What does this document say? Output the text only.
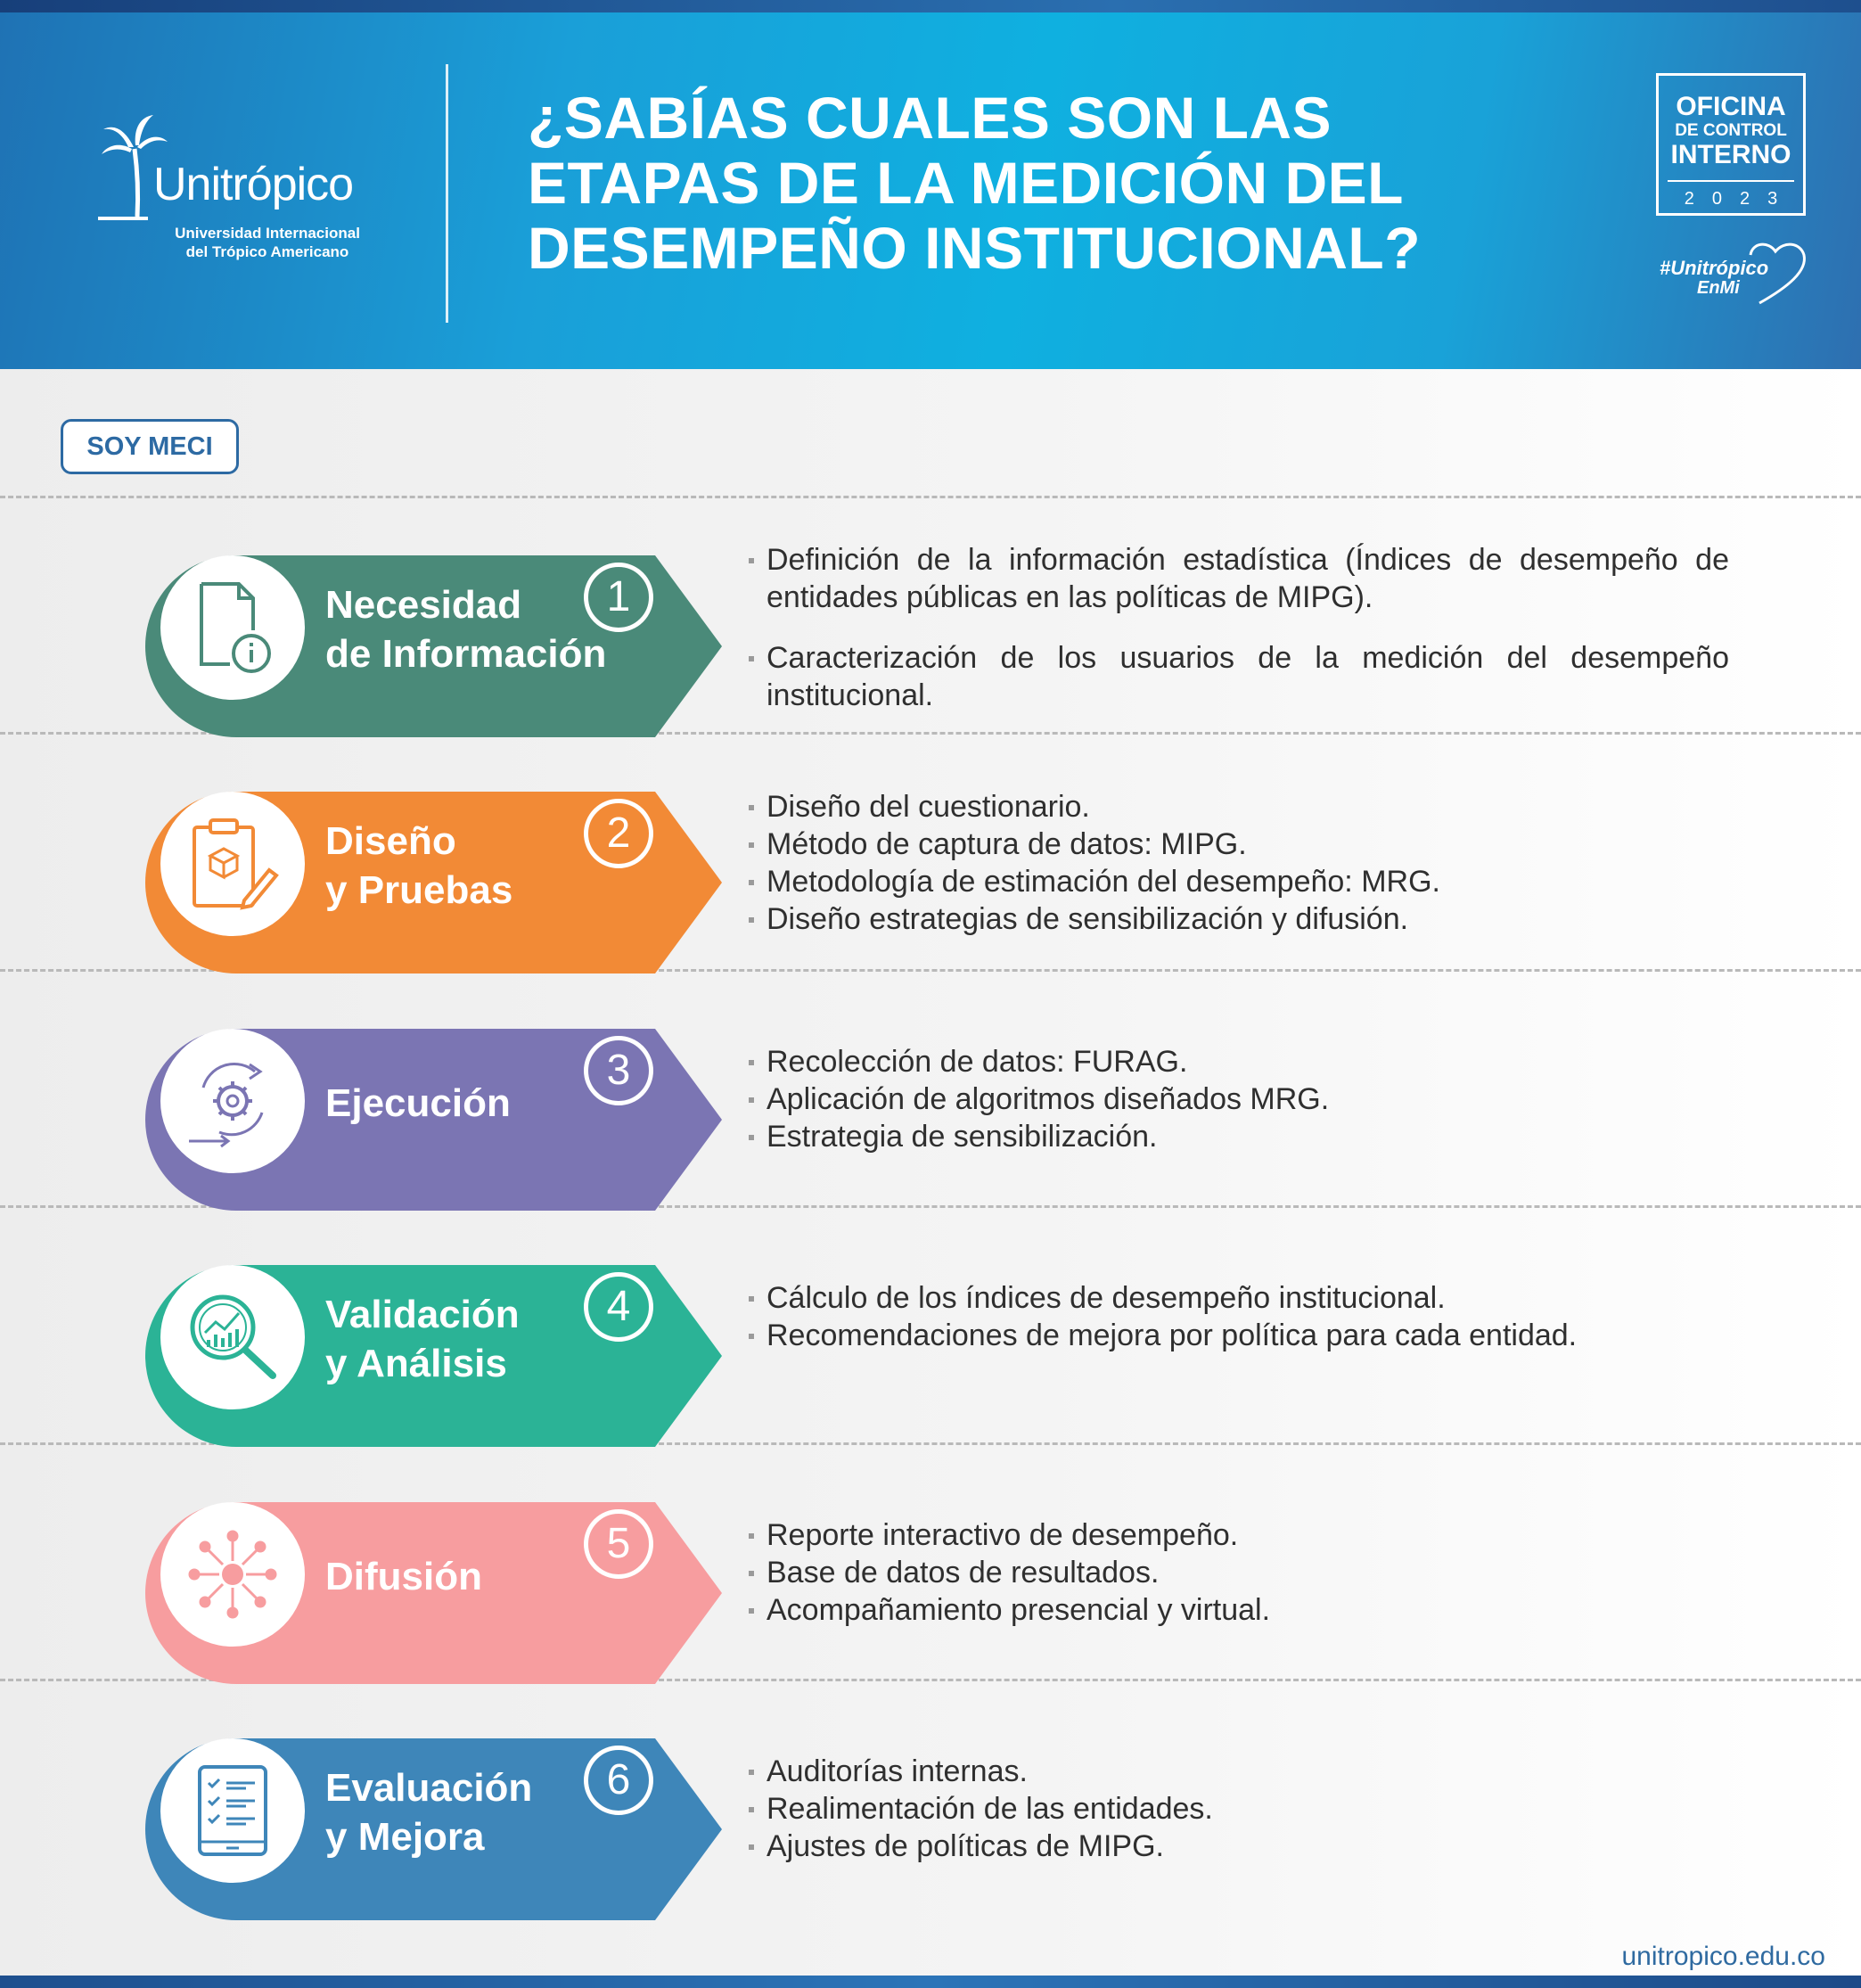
Unitrópico
Universidad Internacional
del Trópico Americano
¿SABÍAS CUALES SON LAS
ETAPAS DE LA MEDICIÓN DEL
DESEMPEÑO INSTITUCIONAL?
OFICINA
DE CONTROL
INTERNO
2023
#Unitrópico
EnMi
SOY MECI
Necesidad
de Información
1
Definición de la información estadística (Índices de desempeño de entidades públicas en las políticas de MIPG).
Caracterización de los usuarios de la medición del desempeño institucional.
Diseño
y Pruebas
2
Diseño del cuestionario.
Método de captura de datos: MIPG.
Metodología de estimación del desempeño: MRG.
Diseño estrategias de sensibilización y difusión.
Ejecución
3	Recolección de datos: FURAG.
Aplicación de algoritmos diseñados MRG.
Estrategia de sensibilización.
Validación
y Análisis
4	Cálculo de los índices de desempeño institucional.
Recomendaciones de mejora por política para cada entidad.
Difusión
5	Reporte interactivo de desempeño.
Base de datos de resultados.
Acompañamiento presencial y virtual.
Evaluación
y Mejora
6	Auditorías internas.
Realimentación de las entidades.
Ajustes de políticas de MIPG.
unitropico.edu.co
